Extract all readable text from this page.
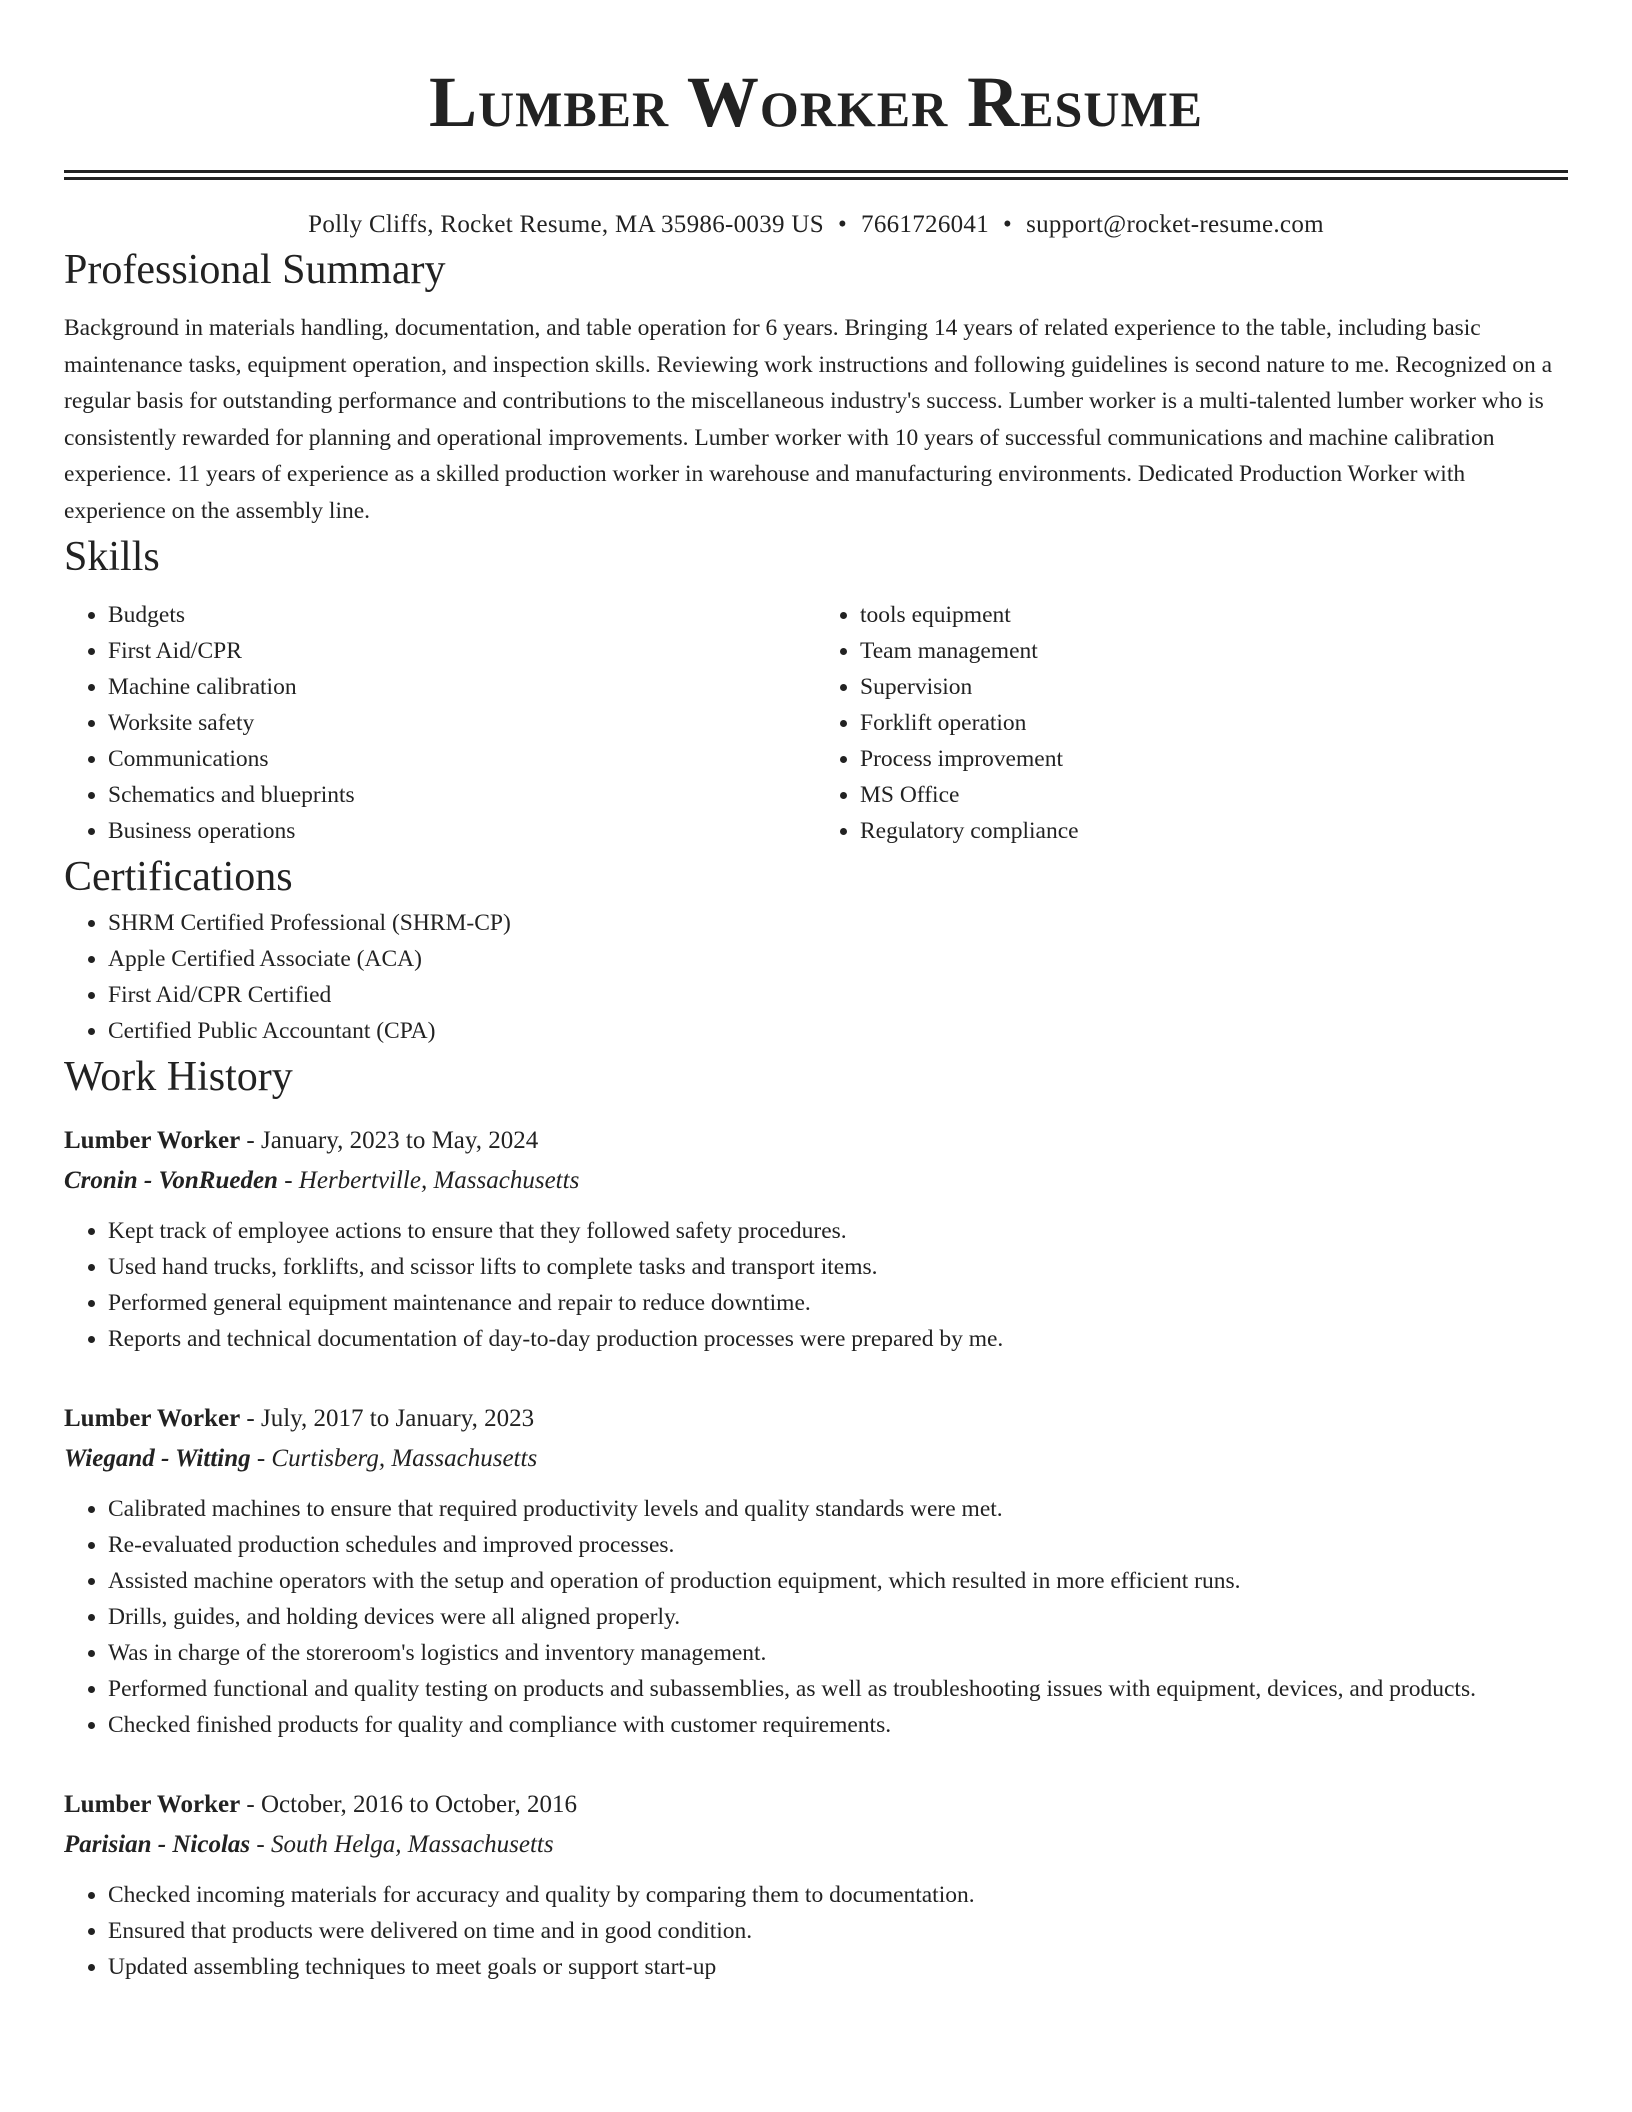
Lumber Worker Resume
Polly Cliffs, Rocket Resume, MA 35986-0039 US • 7661726041 • support@rocket-resume.com
Professional Summary

Background in materials handling, documentation, and table operation for 6 years. Bringing 14 years of related experience to the table, including basic maintenance tasks, equipment operation, and inspection skills. Reviewing work instructions and following guidelines is second nature to me. Recognized on a regular basis for outstanding performance and contributions to the miscellaneous industry's success. Lumber worker is a multi-talented lumber worker who is consistently rewarded for planning and operational improvements. Lumber worker with 10 years of successful communications and machine calibration experience. 11 years of experience as a skilled production worker in warehouse and manufacturing environments. Dedicated Production Worker with experience on the assembly line.

Skills
• Budgets
• First Aid/CPR
• Machine calibration
• Worksite safety
• Communications
• Schematics and blueprints
• Business operations
• tools equipment
• Team management
• Supervision
• Forklift operation
• Process improvement
• MS Office
• Regulatory compliance
Certifications
• SHRM Certified Professional (SHRM-CP)
• Apple Certified Associate (ACA)
• First Aid/CPR Certified
• Certified Public Accountant (CPA)
Work History
Lumber Worker - January, 2023 to May, 2024
Cronin - VonRueden - Herbertville, Massachusetts
• Kept track of employee actions to ensure that they followed safety procedures.
• Used hand trucks, forklifts, and scissor lifts to complete tasks and transport items.
• Performed general equipment maintenance and repair to reduce downtime.
• Reports and technical documentation of day-to-day production processes were prepared by me.
Lumber Worker - July, 2017 to January, 2023
Wiegand - Witting - Curtisberg, Massachusetts
• Calibrated machines to ensure that required productivity levels and quality standards were met.
• Re-evaluated production schedules and improved processes.
• Assisted machine operators with the setup and operation of production equipment, which resulted in more efficient runs.
• Drills, guides, and holding devices were all aligned properly.
• Was in charge of the storeroom's logistics and inventory management.
• Performed functional and quality testing on products and subassemblies, as well as troubleshooting issues with equipment, devices, and products.
• Checked finished products for quality and compliance with customer requirements.
Lumber Worker - October, 2016 to October, 2016
Parisian - Nicolas - South Helga, Massachusetts
• Checked incoming materials for accuracy and quality by comparing them to documentation.
• Ensured that products were delivered on time and in good condition.
• Updated assembling techniques to meet goals or support start-up
